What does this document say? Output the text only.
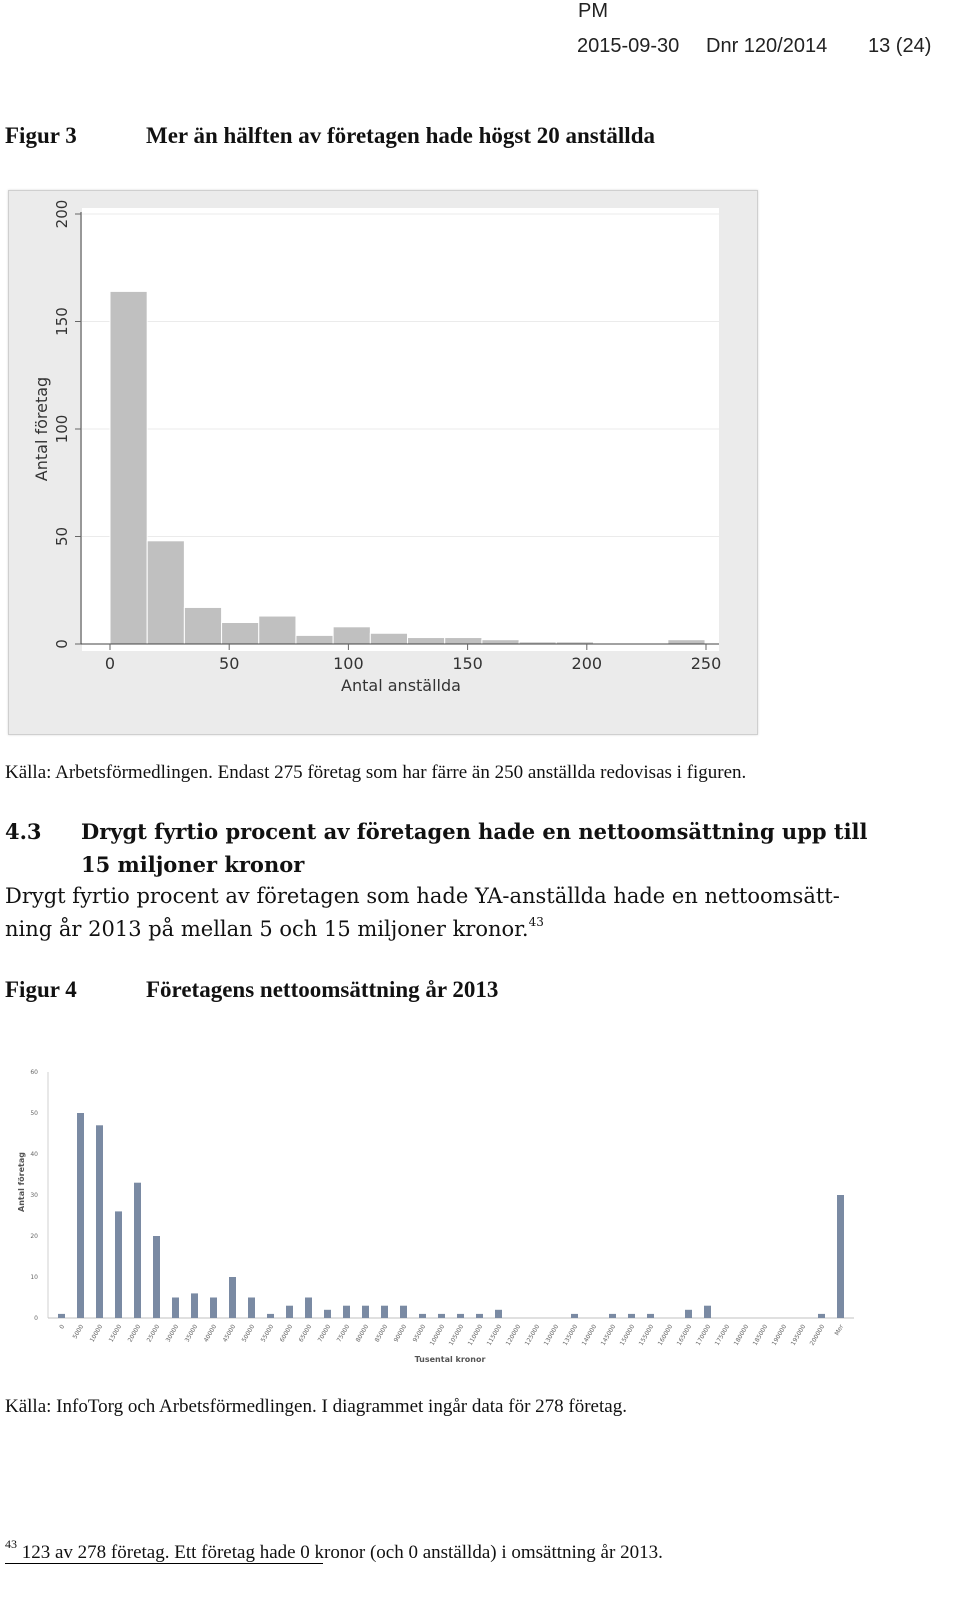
PM
2015-09-30 Dnr 120/2014 13 (24)
Figur 3	Mer än hälften av företagen hade högst 20 anställda
0
50
100
150
200
0	50	100	150	200	250
Antal anställda
Antal företag
Källa: Arbetsförmedlingen. Endast 275 företag som har färre än 250 anställda redovisas i figuren.
4.3 Drygt fyrtio procent av företagen hade en nettoomsättning upp till
15 miljoner kronor
Drygt fyrtio procent av företagen som hade YA-anställda hade en nettoomsätt-
ning år 2013 på mellan 5 och 15 miljoner kronor.$^{43}$
Figur 4	Företagens nettoomsättning år 2013
0
10
20
30
40
50
60
0 5000 10000 15000 20000 25000 30000 35000 40000 45000 50000 55000 60000 65000 70000 75000 80000 85000 90000 95000 100000 105000 110000 115000 120000 125000 130000 135000 140000 145000 150000 155000 160000 165000 170000 175000 180000 185000 190000 195000 200000 Mer
Tusental kronor
Antal företag
Källa: InfoTorg och Arbetsförmedlingen. I diagrammet ingår data för 278 företag.
$^{43}$ 123 av 278 företag. Ett företag hade 0 kronor (och 0 anställda) i omsättning år 2013.
